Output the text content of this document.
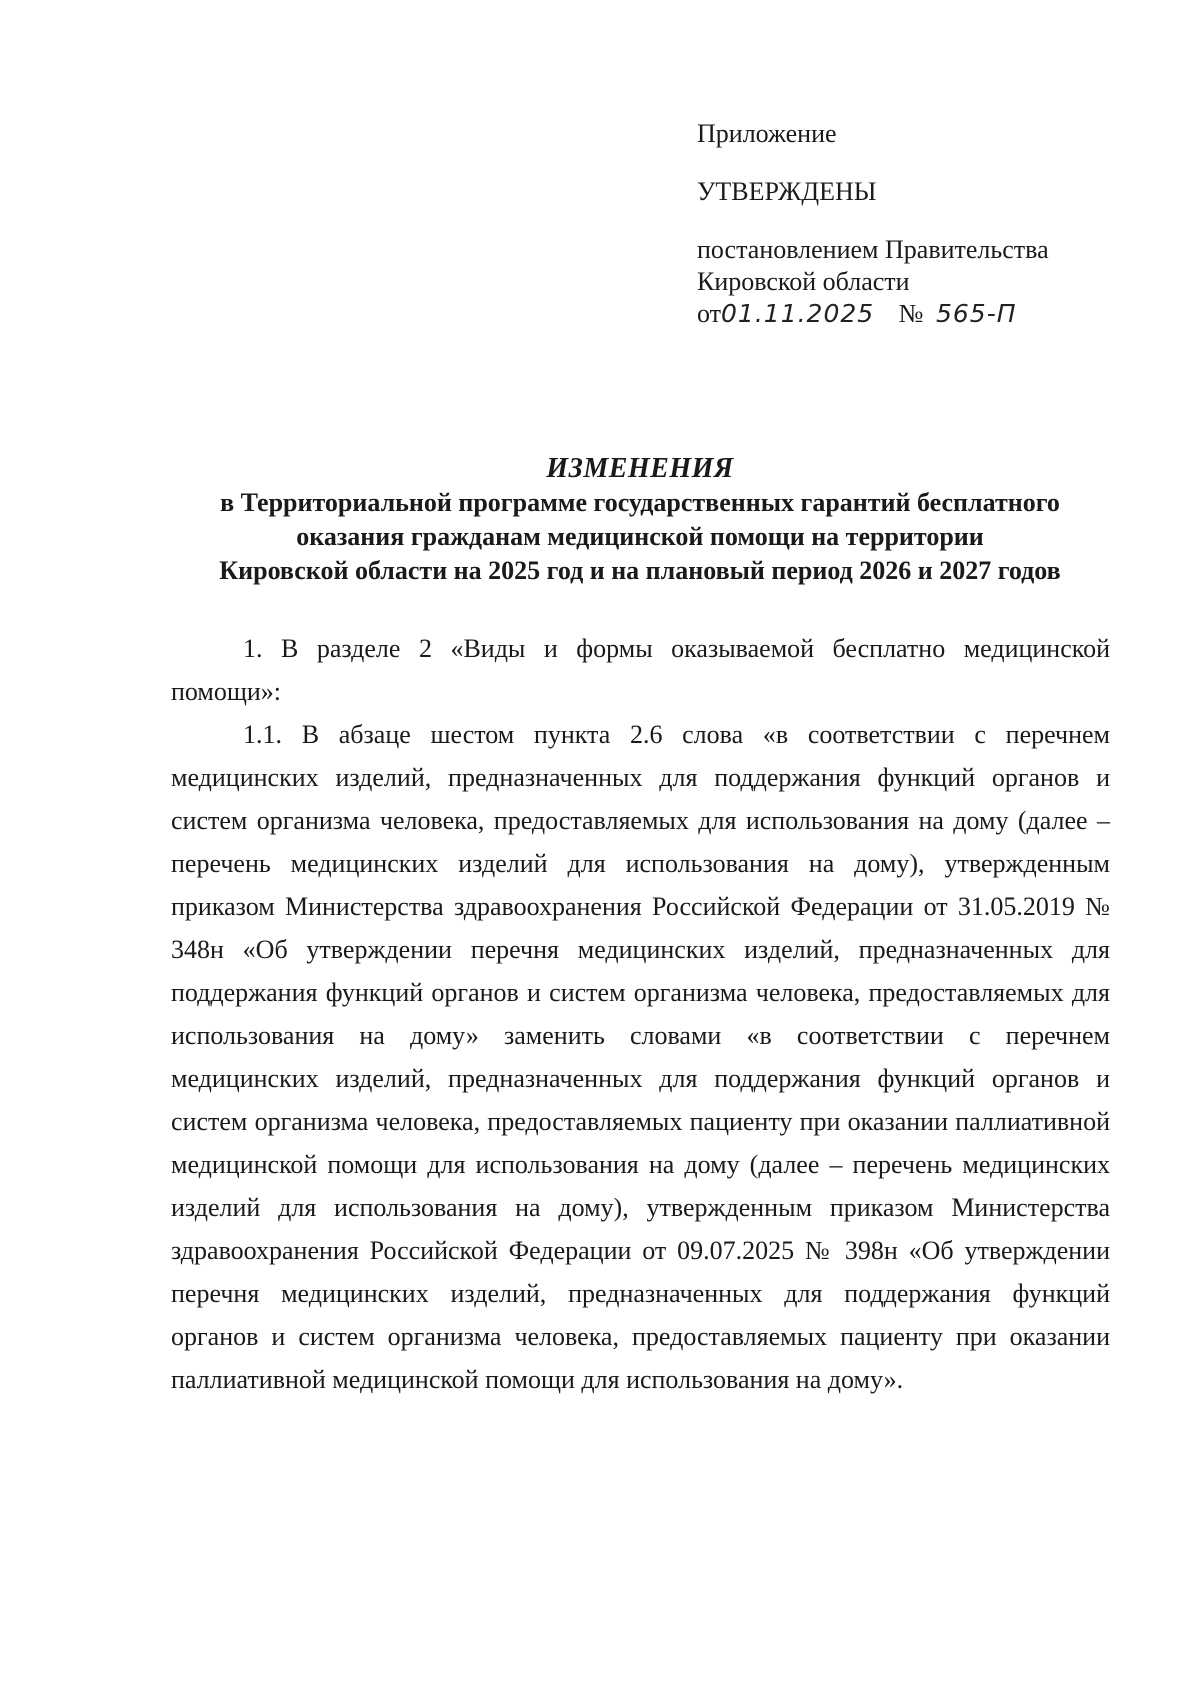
Приложение
УТВЕРЖДЕНЫ
постановлением Правительства
Кировской области
от01.11.2025 № 565-П
ИЗМЕНЕНИЯ
в Территориальной программе государственных гарантий бесплатного
оказания гражданам медицинской помощи на территории
Кировской области на 2025 год и на плановый период 2026 и 2027 годов

1. В разделе 2 «Виды и формы оказываемой бесплатно медицинской помощи»:

1.1. В абзаце шестом пункта 2.6 слова «в соответствии с перечнем медицинских изделий, предназначенных для поддержания функций органов и систем организма человека, предоставляемых для использования на дому (далее – перечень медицинских изделий для использования на дому), утвержденным приказом Министерства здравоохранения Российской Федерации от 31.05.2019 № 348н «Об утверждении перечня медицинских изделий, предназначенных для поддержания функций органов и систем организма человека, предоставляемых для использования на дому» заменить словами «в соответствии с перечнем медицинских изделий, предназначенных для поддержания функций органов и систем организма человека, предоставляемых пациенту при оказании паллиативной медицинской помощи для использования на дому (далее – перечень медицинских изделий для использования на дому), утвержденным приказом Министерства здравоохранения Российской Федерации от 09.07.2025 № 398н «Об утверждении перечня медицинских изделий, предназначенных для поддержания функций органов и систем организма человека, предоставляемых пациенту при оказании паллиативной медицинской помощи для использования на дому».
